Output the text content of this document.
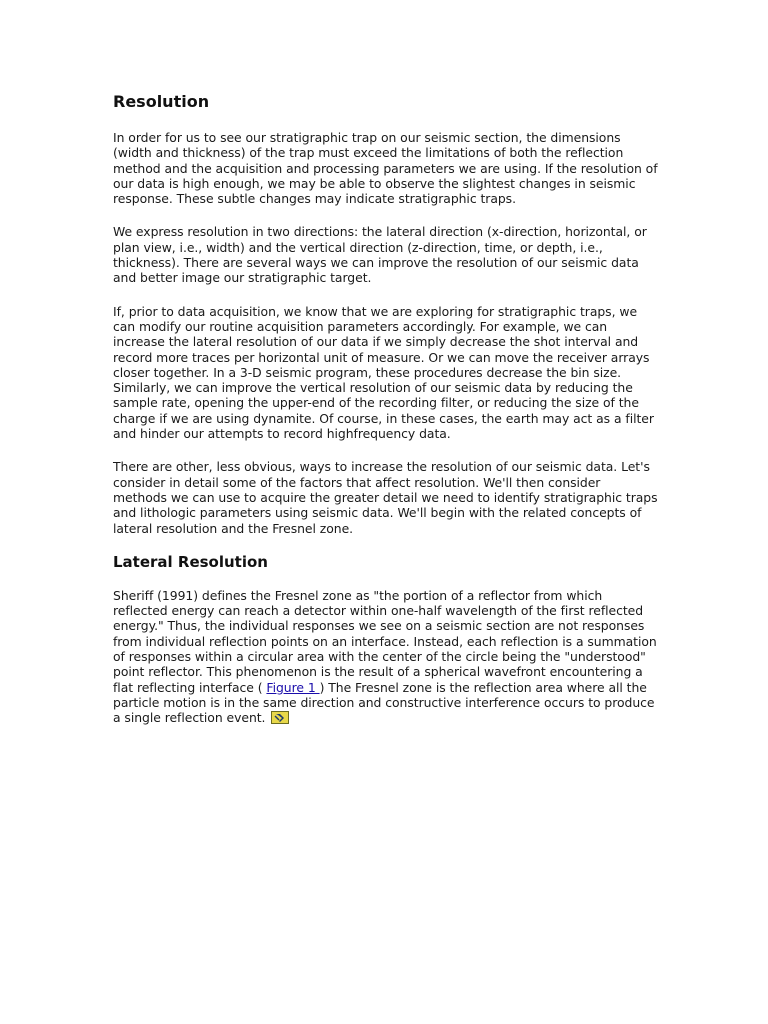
Resolution

In order for us to see our stratigraphic trap on our seismic section, the dimensions (width and thickness) of the trap must exceed the limitations of both the reflection method and the acquisition and processing parameters we are using. If the resolution of our data is high enough, we may be able to observe the slightest changes in seismic response. These subtle changes may indicate stratigraphic traps.

We express resolution in two directions: the lateral direction (x-direction, horizontal, or plan view, i.e., width) and the vertical direction (z-direction, time, or depth, i.e., thickness). There are several ways we can improve the resolution of our seismic data and better image our stratigraphic target.

If, prior to data acquisition, we know that we are exploring for stratigraphic traps, we can modify our routine acquisition parameters accordingly. For example, we can increase the lateral resolution of our data if we simply decrease the shot interval and record more traces per horizontal unit of measure. Or we can move the receiver arrays closer together. In a 3-D seismic program, these procedures decrease the bin size. Similarly, we can improve the vertical resolution of our seismic data by reducing the sample rate, opening the upper-end of the recording filter, or reducing the size of the charge if we are using dynamite. Of course, in these cases, the earth may act as a filter and hinder our attempts to record highfrequency data.

There are other, less obvious, ways to increase the resolution of our seismic data. Let's consider in detail some of the factors that affect resolution. We'll then consider methods we can use to acquire the greater detail we need to identify stratigraphic traps and lithologic parameters using seismic data. We'll begin with the related concepts of lateral resolution and the Fresnel zone.

Lateral Resolution

Sheriff (1991) defines the Fresnel zone as "the portion of a reflector from which reflected energy can reach a detector within one-half wavelength of the first reflected energy." Thus, the individual responses we see on a seismic section are not responses from individual reflection points on an interface. Instead, each reflection is a summation of responses within a circular area with the center of the circle being the "understood" point reflector. This phenomenon is the result of a spherical wavefront encountering a flat reflecting interface ( Figure 1 ) The Fresnel zone is the reflection area where all the particle motion is in the same direction and constructive interference occurs to produce a single reflection event.
